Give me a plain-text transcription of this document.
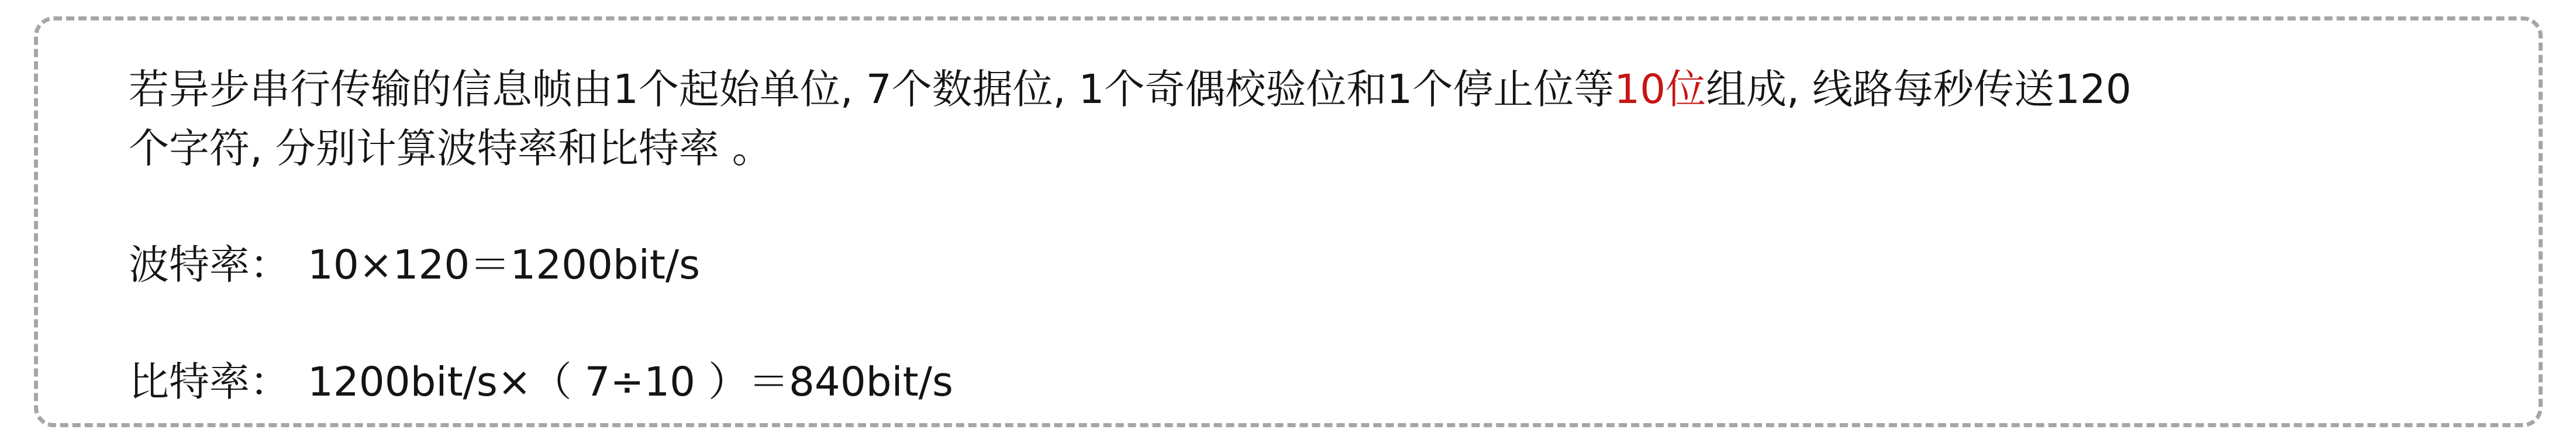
若异步串行传输的信息帧由1个起始单位, 7个数据位, 1个奇偶校验位和1个停止位等10位组成, 线路每秒传送120
个字符, 分别计算波特率和比特率 。
波特率： 10×120＝1200bit/s
比特率： 1200bit/s×（ 7÷10 ）＝840bit/s
